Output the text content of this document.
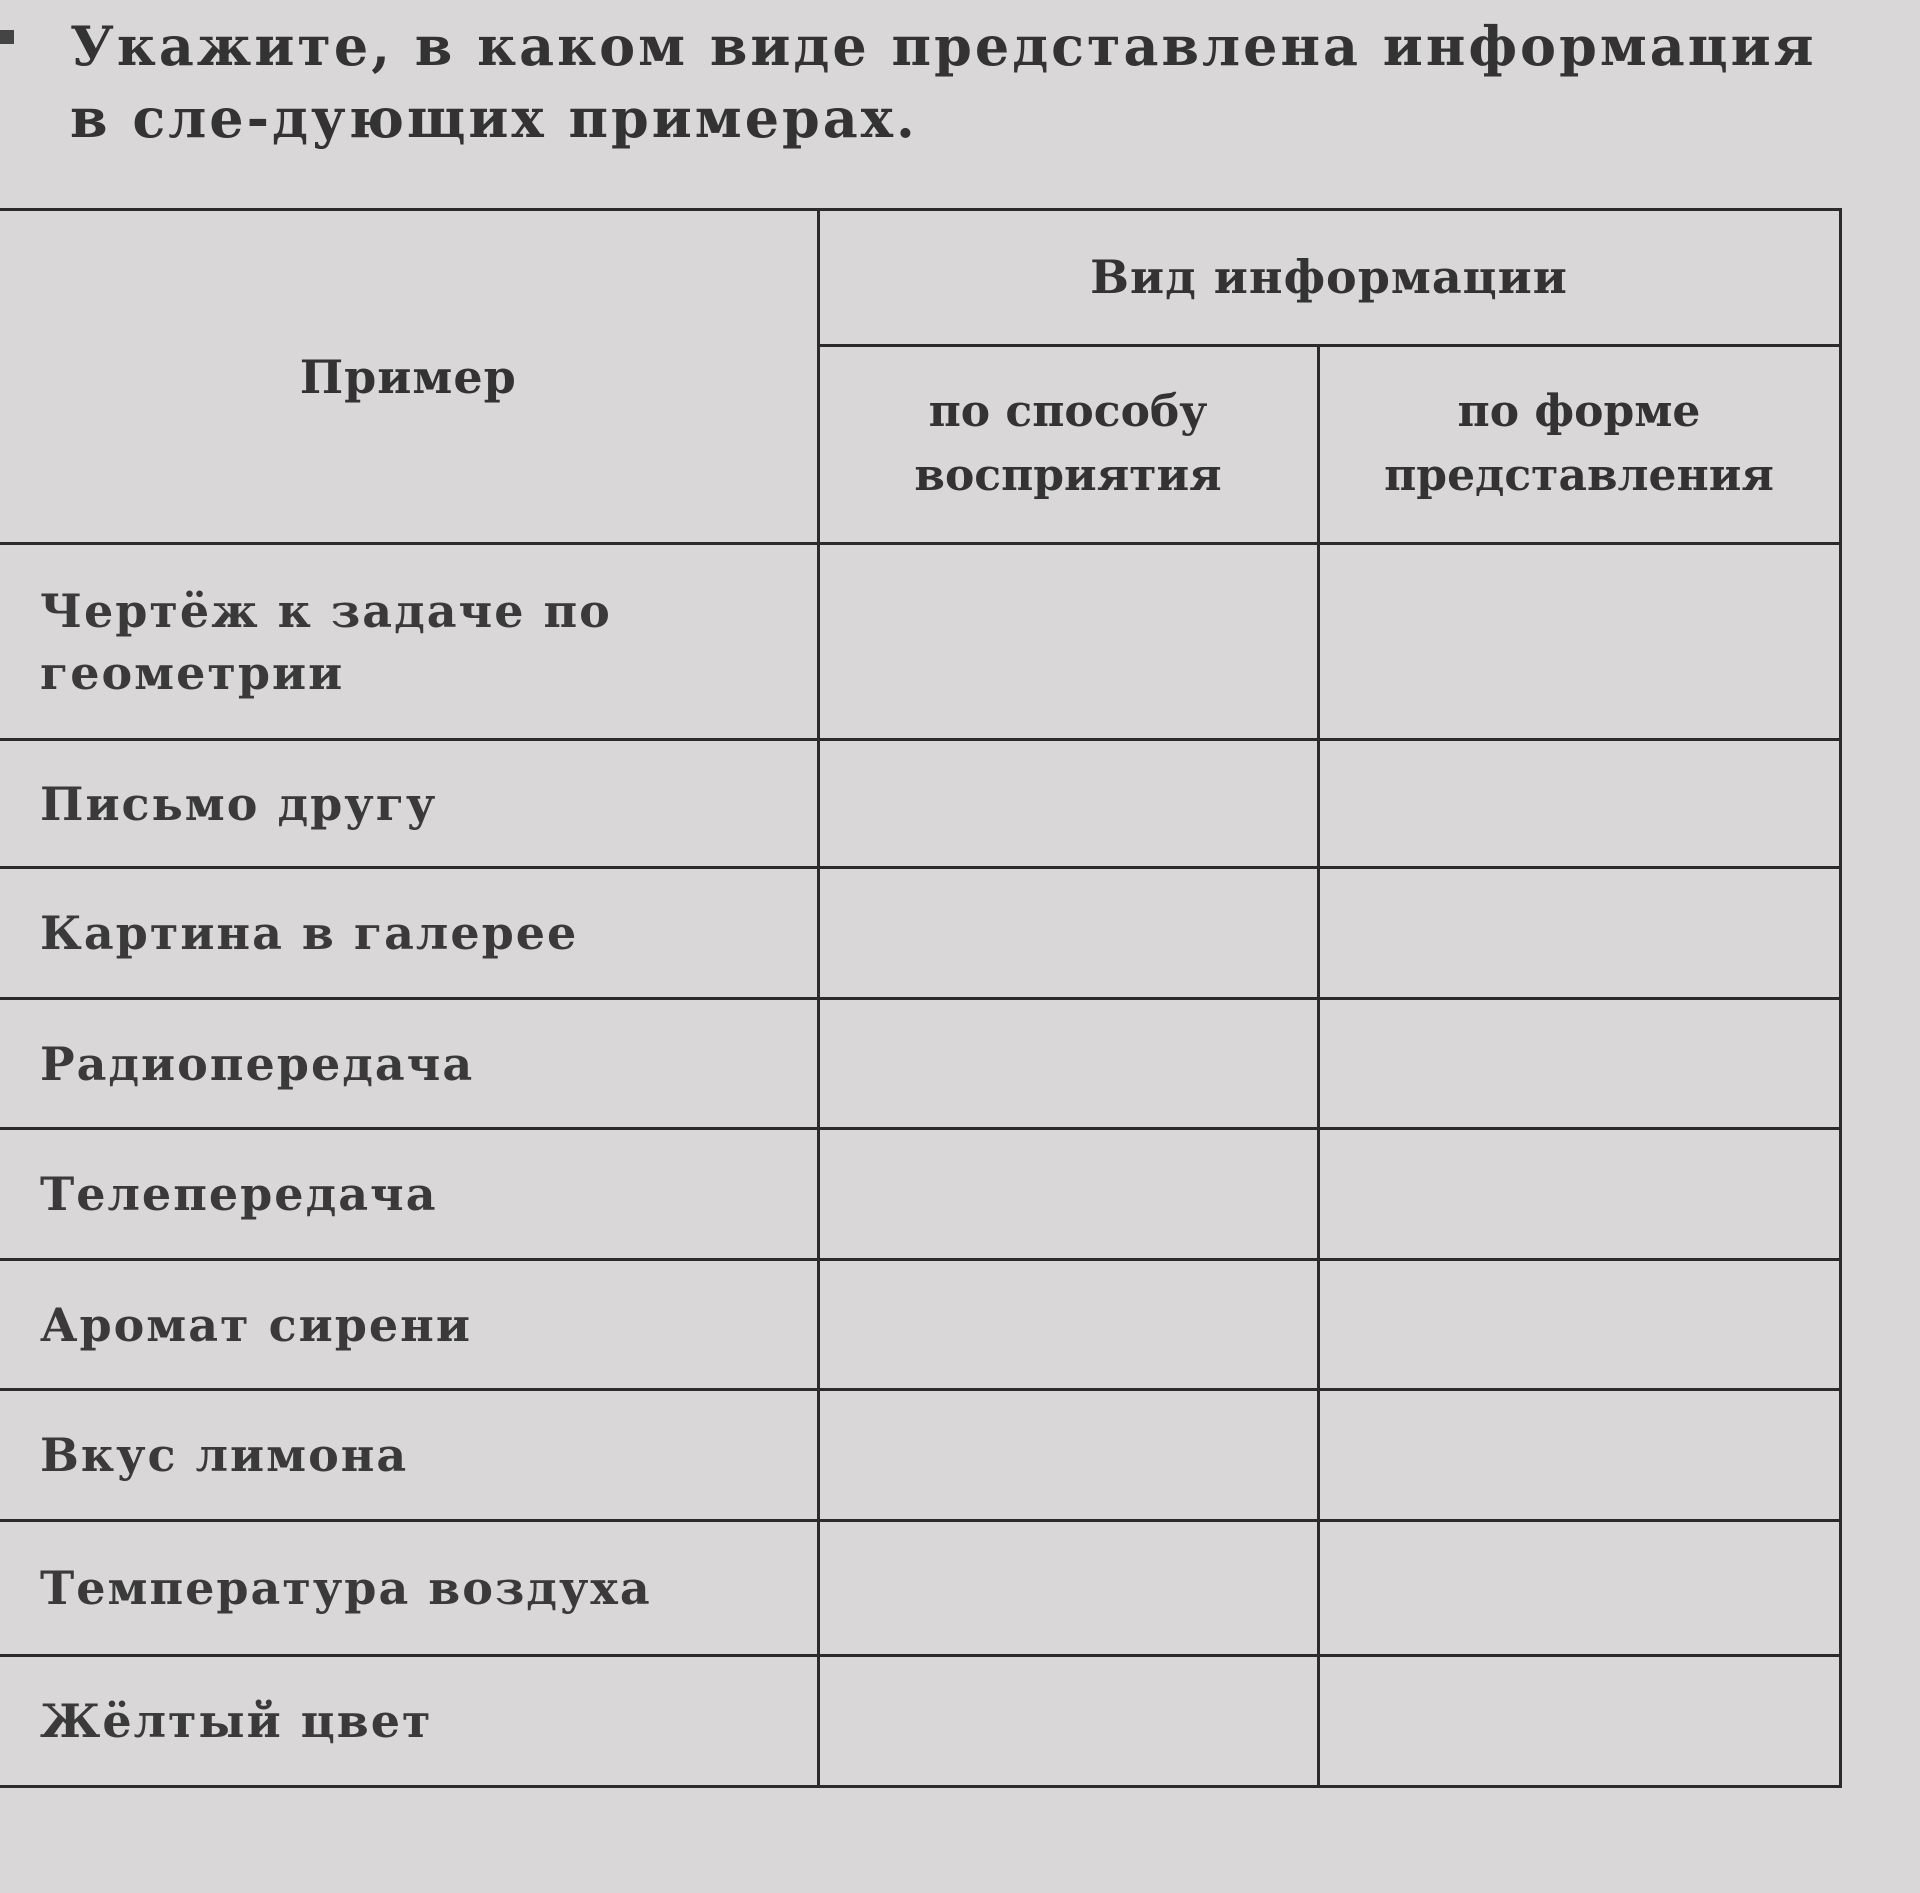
Укажите, в каком виде представлена информация в сле-дующих примерах.
Пример	Вид информации	
	по способу восприятия	по форме представления
Чертёж к задаче по геометрии		
Письмо другу		
Картина в галерее		
Радиопередача		
Телепередача		
Аромат сирени		
Вкус лимона		
Температура воздуха		
Жёлтый цвет		
